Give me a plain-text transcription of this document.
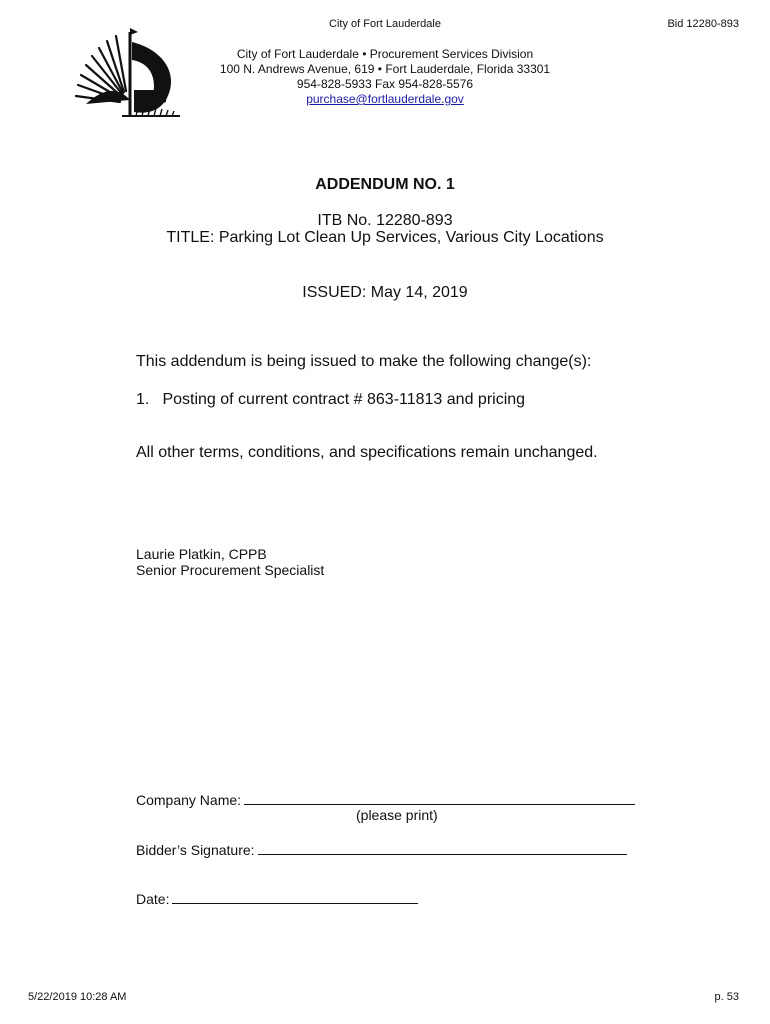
City of Fort Lauderdale	Bid 12280-893
City of Fort Lauderdale • Procurement Services Division
100 N. Andrews Avenue, 619 • Fort Lauderdale, Florida 33301
954-828-5933 Fax 954-828-5576
purchase@fortlauderdale.gov
ADDENDUM NO. 1
ITB No. 12280-893
TITLE: Parking Lot Clean Up Services, Various City Locations
ISSUED: May 14, 2019
This addendum is being issued to make the following change(s):
1. Posting of current contract # 863-11813 and pricing
All other terms, conditions, and specifications remain unchanged.
Laurie Platkin, CPPB
Senior Procurement Specialist
Company Name:
(please print)
Bidder’s Signature:
Date:
5/22/2019 10:28 AM	p. 53
